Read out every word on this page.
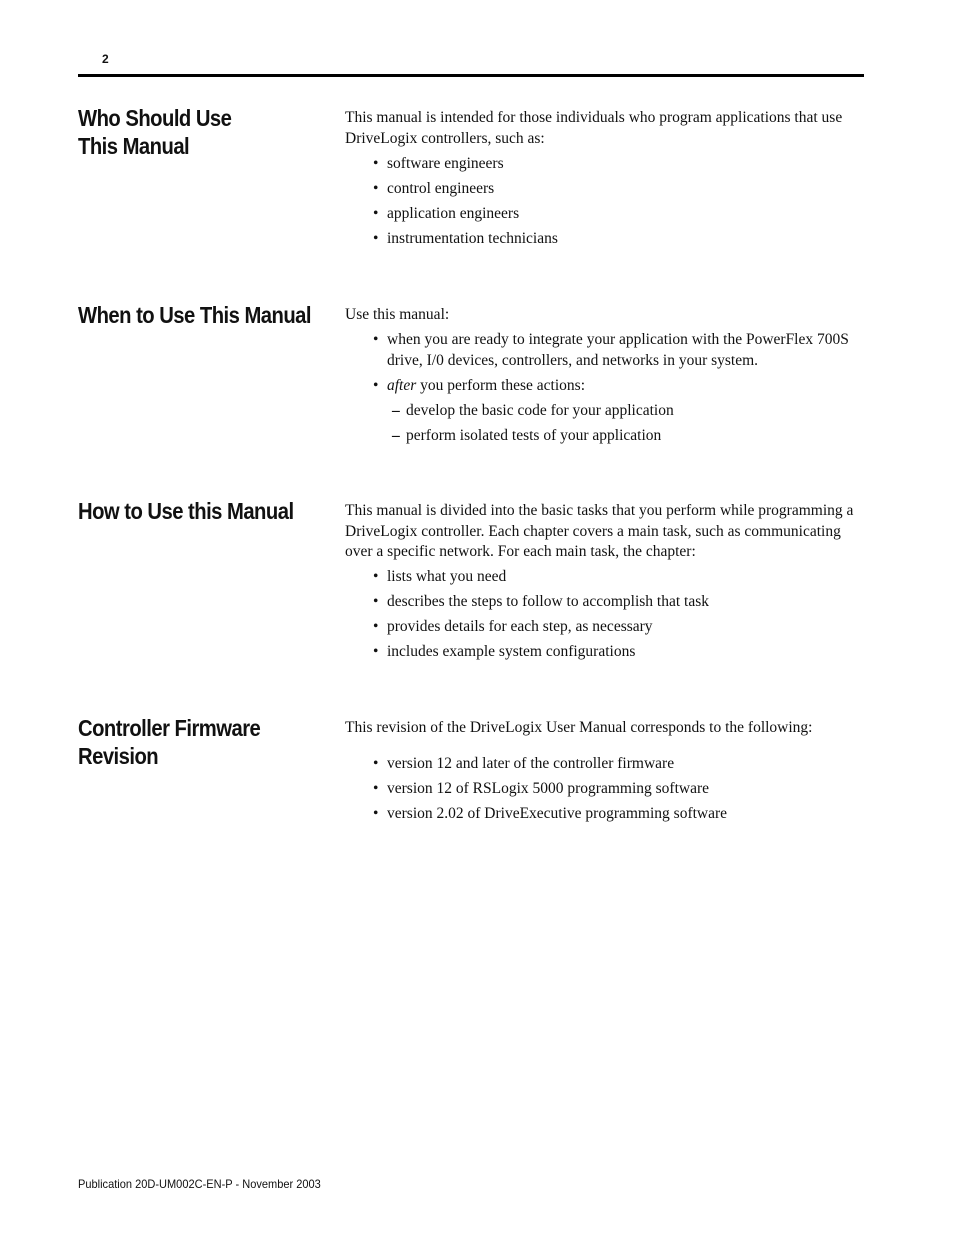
2
Who Should Use
This Manual

This manual is intended for those individuals who program applications that use DriveLogix controllers, such as:

• software engineers
• control engineers
• application engineers
• instrumentation technicians
When to Use This Manual Use this manual:

• when you are ready to integrate your application with the PowerFlex 700S drive, I/0 devices, controllers, and networks in your system.
• after you perform these actions:
– develop the basic code for your application
– perform isolated tests of your application
How to Use this Manual	This manual is divided into the basic tasks that you perform while programming a DriveLogix controller. Each chapter covers a main task, such as communicating over a specific network. For each main task, the chapter:

• lists what you need
• describes the steps to follow to accomplish that task
• provides details for each step, as necessary
• includes example system configurations
Controller Firmware
Revision

This revision of the DriveLogix User Manual corresponds to the following:

• version 12 and later of the controller firmware
• version 12 of RSLogix 5000 programming software
• version 2.02 of DriveExecutive programming software
Publication 20D-UM002C-EN-P - November 2003
